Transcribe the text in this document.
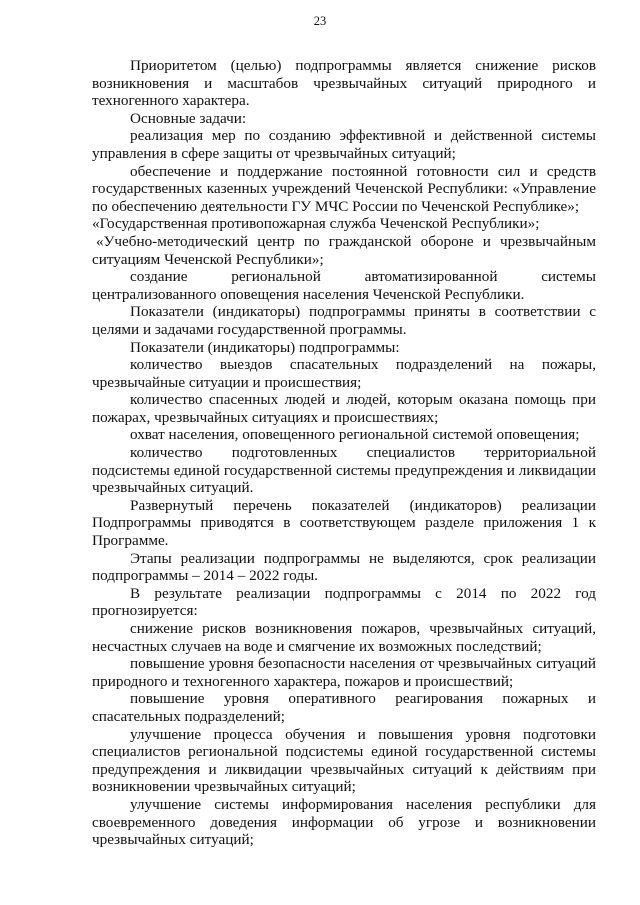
23

Приоритетом (целью) подпрограммы является снижение рисков возникновения и масштабов чрезвычайных ситуаций природного и техногенного характера.

Основные задачи:

реализация мер по созданию эффективной и действенной системы управления в сфере защиты от чрезвычайных ситуаций;

обеспечение и поддержание постоянной готовности сил и средств государственных казенных учреждений Чеченской Республики: «Управление по обеспечению деятельности ГУ МЧС России по Чеченской Республике»;

«Государственная противопожарная служба Чеченской Республики»;

«Учебно-методический центр по гражданской обороне и чрезвычайным ситуациям Чеченской Республики»;

создание региональной автоматизированной системы централизованного оповещения населения Чеченской Республики.

Показатели (индикаторы) подпрограммы приняты в соответствии с целями и задачами государственной программы.

Показатели (индикаторы) подпрограммы:

количество выездов спасательных подразделений на пожары, чрезвычайные ситуации и происшествия;

количество спасенных людей и людей, которым оказана помощь при пожарах, чрезвычайных ситуациях и происшествиях;

охват населения, оповещенного региональной системой оповещения;

количество подготовленных специалистов территориальной подсистемы единой государственной системы предупреждения и ликвидации чрезвычайных ситуаций.

Развернутый перечень показателей (индикаторов) реализации Подпрограммы приводятся в соответствующем разделе приложения 1 к Программе.

Этапы реализации подпрограммы не выделяются, срок реализации подпрограммы – 2014 – 2022 годы.

В результате реализации подпрограммы с 2014 по 2022 год прогнозируется:

снижение рисков возникновения пожаров, чрезвычайных ситуаций, несчастных случаев на воде и смягчение их возможных последствий;

повышение уровня безопасности населения от чрезвычайных ситуаций природного и техногенного характера, пожаров и происшествий;

повышение уровня оперативного реагирования пожарных и спасательных подразделений;

улучшение процесса обучения и повышения уровня подготовки специалистов региональной подсистемы единой государственной системы предупреждения и ликвидации чрезвычайных ситуаций к действиям при возникновении чрезвычайных ситуаций;

улучшение системы информирования населения республики для своевременного доведения информации об угрозе и возникновении чрезвычайных ситуаций;
